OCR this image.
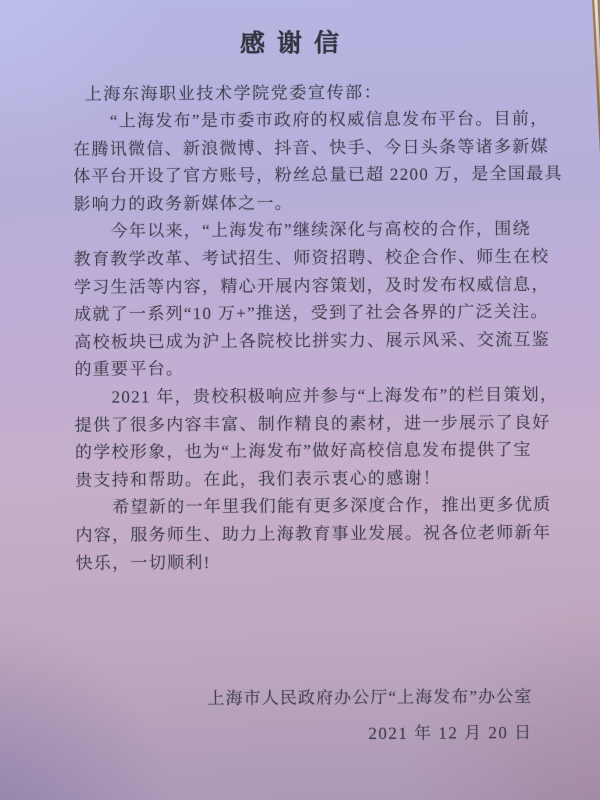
感谢信
上海东海职业技术学院党委宣传部：
“上海发布”是市委市政府的权威信息发布平台。目前，
在腾讯微信、新浪微博、抖音、快手、今日头条等诸多新媒
体平台开设了官方账号，粉丝总量已超 2200 万，是全国最具
影响力的政务新媒体之一。
今年以来，“上海发布”继续深化与高校的合作，围绕
教育教学改革、考试招生、师资招聘、校企合作、师生在校
学习生活等内容，精心开展内容策划，及时发布权威信息，
成就了一系列“10 万+”推送，受到了社会各界的广泛关注。
高校板块已成为沪上各院校比拼实力、展示风采、交流互鉴
的重要平台。
2021 年，贵校积极响应并参与“上海发布”的栏目策划，
提供了很多内容丰富、制作精良的素材，进一步展示了良好
的学校形象，也为“上海发布”做好高校信息发布提供了宝
贵支持和帮助。在此，我们表示衷心的感谢！
希望新的一年里我们能有更多深度合作，推出更多优质
内容，服务师生、助力上海教育事业发展。祝各位老师新年
快乐，一切顺利!
上海市人民政府办公厅“上海发布”办公室
2021 年 12 月 20 日
